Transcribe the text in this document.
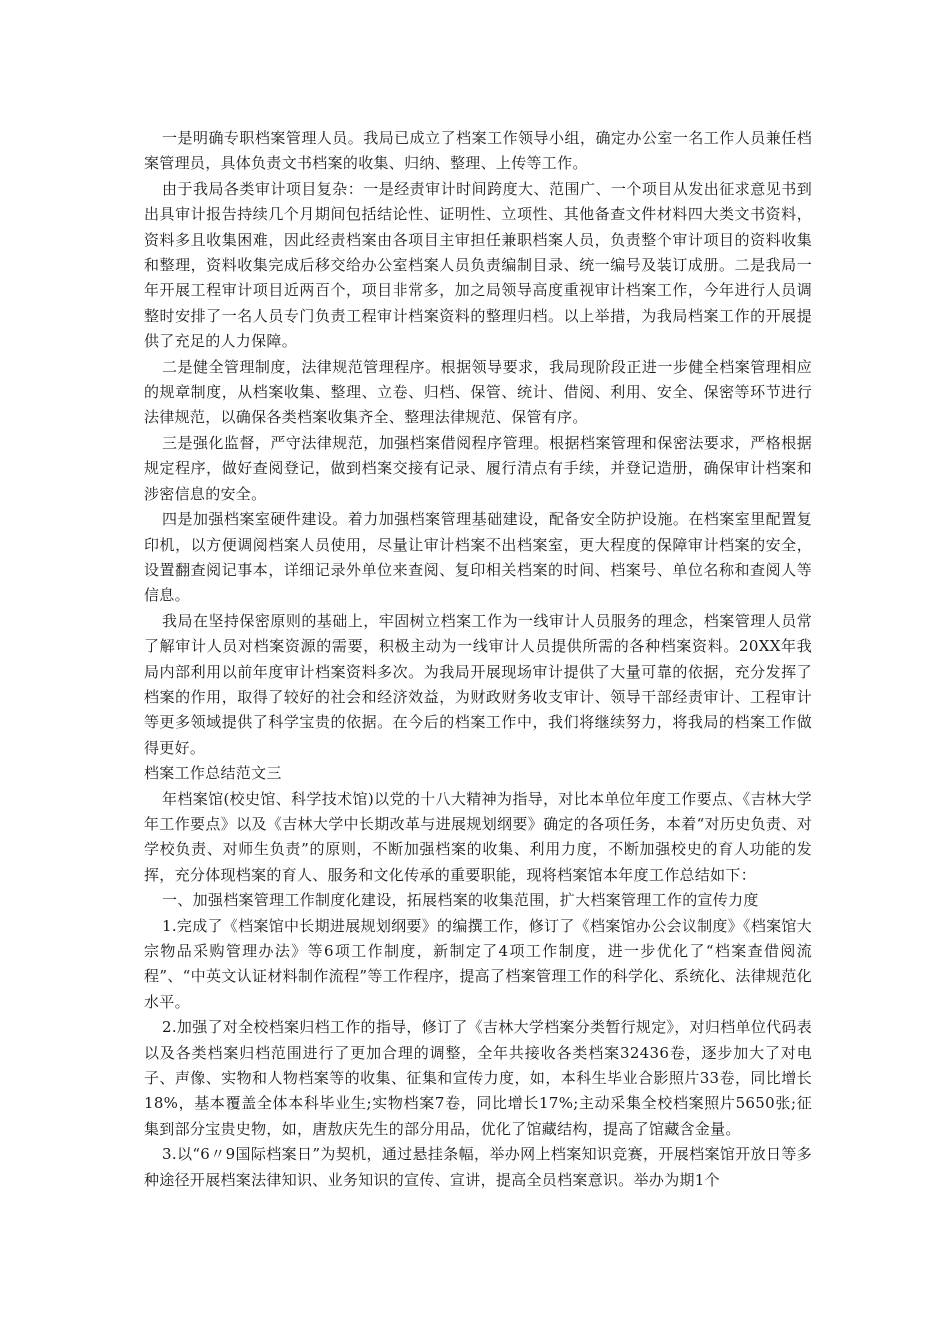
一是明确专职档案管理人员。我局已成立了档案工作领导小组，确定办公室一名工作人员兼任档案管理员，具体负责文书档案的收集、归纳、整理、上传等工作。

由于我局各类审计项目复杂：一是经责审计时间跨度大、范围广、一个项目从发出征求意见书到出具审计报告持续几个月期间包括结论性、证明性、立项性、其他备查文件材料四大类文书资料，资料多且收集困难，因此经责档案由各项目主审担任兼职档案人员，负责整个审计项目的资料收集和整理，资料收集完成后移交给办公室档案人员负责编制目录、统一编号及装订成册。二是我局一年开展工程审计项目近两百个，项目非常多，加之局领导高度重视审计档案工作，今年进行人员调整时安排了一名人员专门负责工程审计档案资料的整理归档。以上举措，为我局档案工作的开展提供了充足的人力保障。

二是健全管理制度，法律规范管理程序。根据领导要求，我局现阶段正进一步健全档案管理相应的规章制度，从档案收集、整理、立卷、归档、保管、统计、借阅、利用、安全、保密等环节进行法律规范，以确保各类档案收集齐全、整理法律规范、保管有序。

三是强化监督，严守法律规范，加强档案借阅程序管理。根据档案管理和保密法要求，严格根据规定程序，做好查阅登记，做到档案交接有记录、履行清点有手续，并登记造册，确保审计档案和涉密信息的安全。

四是加强档案室硬件建设。着力加强档案管理基础建设，配备安全防护设施。在档案室里配置复印机，以方便调阅档案人员使用，尽量让审计档案不出档案室，更大程度的保障审计档案的安全，设置翻查阅记事本，详细记录外单位来查阅、复印相关档案的时间、档案号、单位名称和查阅人等信息。

我局在坚持保密原则的基础上，牢固树立档案工作为一线审计人员服务的理念，档案管理人员常了解审计人员对档案资源的需要，积极主动为一线审计人员提供所需的各种档案资料。20XX年我局内部利用以前年度审计档案资料多次。为我局开展现场审计提供了大量可靠的依据，充分发挥了档案的作用，取得了较好的社会和经济效益，为财政财务收支审计、领导干部经责审计、工程审计等更多领域提供了科学宝贵的依据。在今后的档案工作中，我们将继续努力，将我局的档案工作做得更好。

档案工作总结范文三

年档案馆(校史馆、科学技术馆)以党的十八大精神为指导，对比本单位年度工作要点、《吉林大学年工作要点》以及《吉林大学中长期改革与进展规划纲要》确定的各项任务，本着“对历史负责、对学校负责、对师生负责”的原则，不断加强档案的收集、利用力度，不断加强校史的育人功能的发挥，充分体现档案的育人、服务和文化传承的重要职能，现将档案馆本年度工作总结如下：

一、加强档案管理工作制度化建设，拓展档案的收集范围，扩大档案管理工作的宣传力度

1.完成了《档案馆中长期进展规划纲要》的编撰工作，修订了《档案馆办公会议制度》《档案馆大宗物品采购管理办法》等6项工作制度，新制定了4项工作制度，进一步优化了“档案查借阅流程”、“中英文认证材料制作流程”等工作程序，提高了档案管理工作的科学化、系统化、法律规范化水平。

2.加强了对全校档案归档工作的指导，修订了《吉林大学档案分类暂行规定》，对归档单位代码表以及各类档案归档范围进行了更加合理的调整，全年共接收各类档案32436卷，逐步加大了对电子、声像、实物和人物档案等的收集、征集和宣传力度，如，本科生毕业合影照片33卷，同比增长18%，基本覆盖全体本科毕业生;实物档案7卷，同比增长17%;主动采集全校档案照片5650张;征集到部分宝贵史物，如，唐敖庆先生的部分用品，优化了馆藏结构，提高了馆藏含金量。

3.以“6〃9国际档案日”为契机，通过悬挂条幅，举办网上档案知识竞赛，开展档案馆开放日等多种途径开展档案法律知识、业务知识的宣传、宣讲，提高全员档案意识。举办为期1个
